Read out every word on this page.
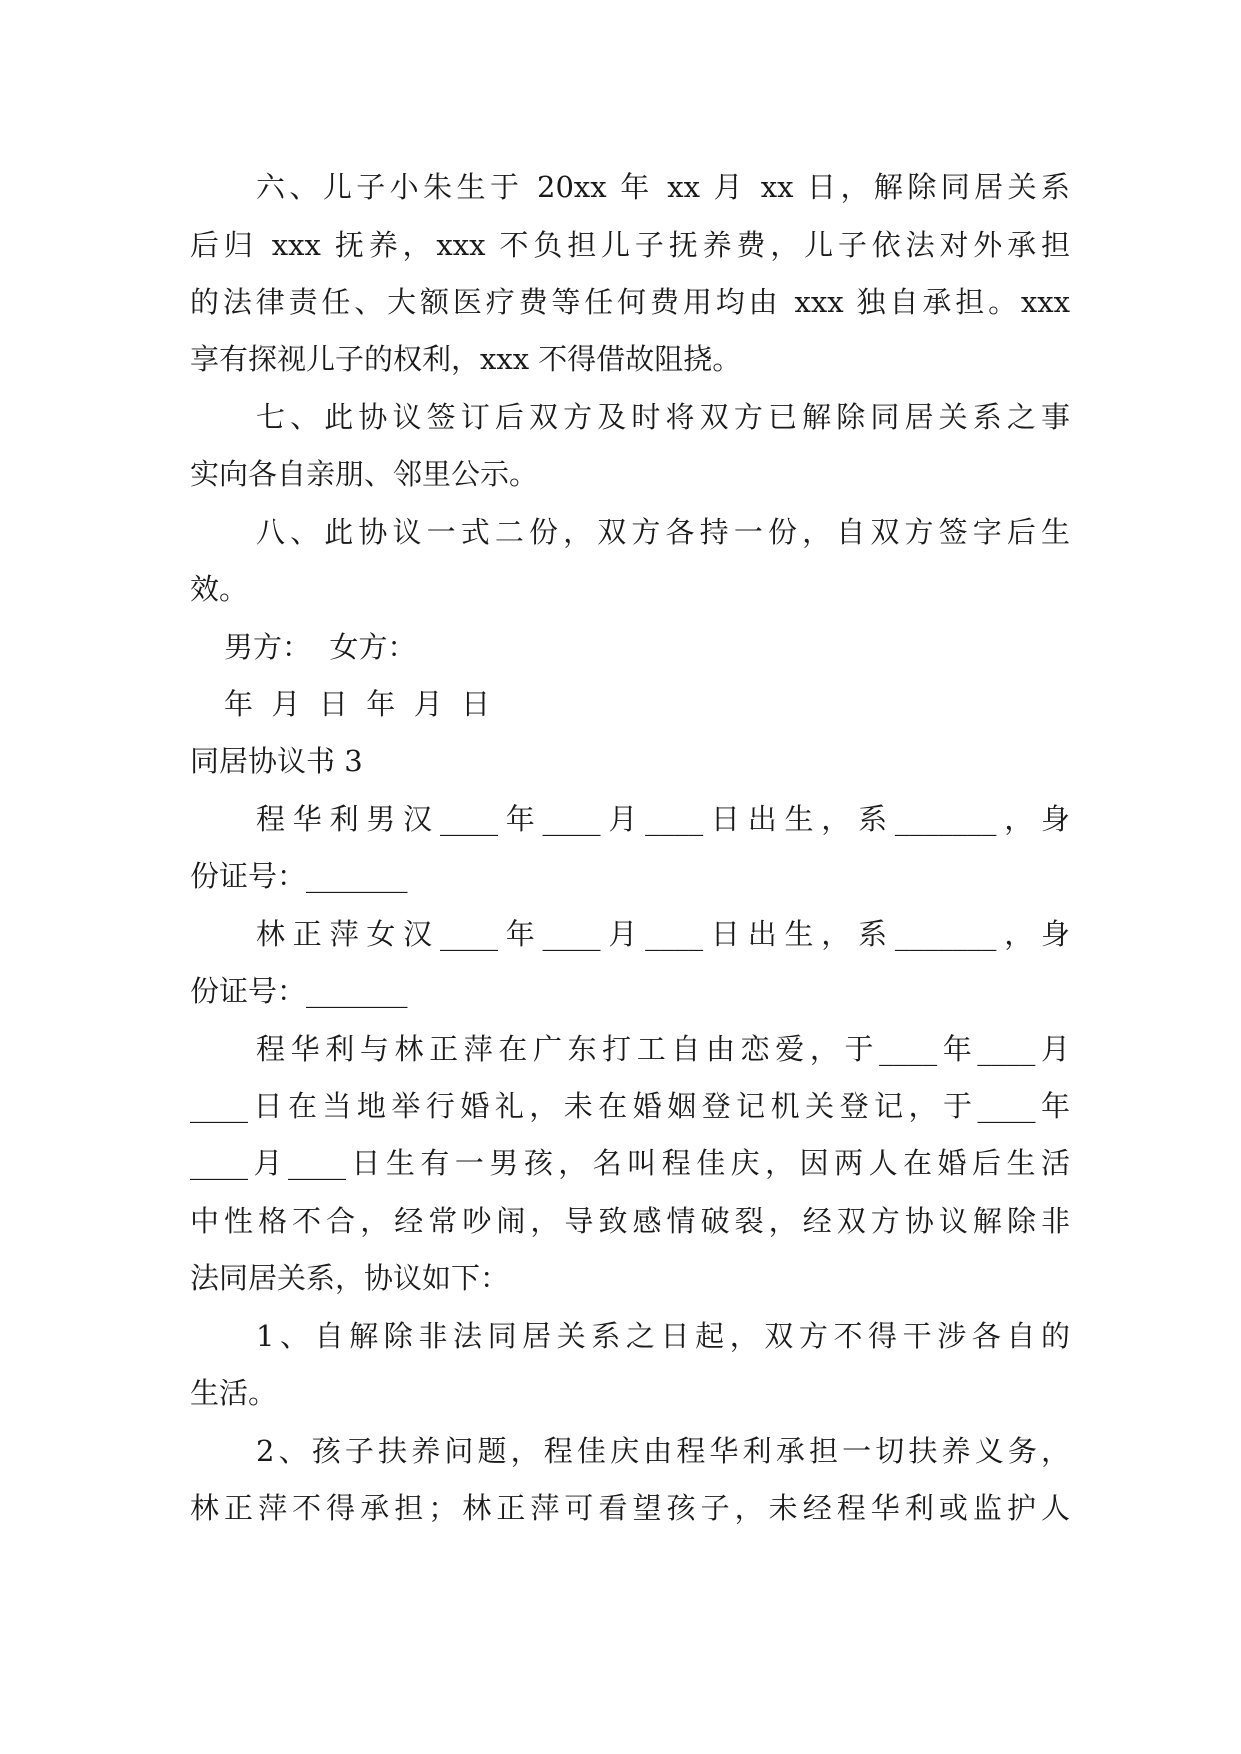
六、儿子小朱生于 20xx 年 xx 月 xx 日，解除同居关系
后归 xxx 抚养，xxx 不负担儿子抚养费，儿子依法对外承担
的法律责任、大额医疗费等任何费用均由 xxx 独自承担。xxx
享有探视儿子的权利，xxx 不得借故阻挠。
七、此协议签订后双方及时将双方已解除同居关系之事
实向各自亲朋、邻里公示。
八、此协议一式二份，双方各持一份，自双方签字后生
效。
男方：  女方：
年  月  日  年  月  日
同居协议书 3
程华利男汉____年____月____日出生，系_______，身
份证号：_______
林正萍女汉____年____月____日出生，系_______，身
份证号：_______
程华利与林正萍在广东打工自由恋爱，于____年____月
____日在当地举行婚礼，未在婚姻登记机关登记，于____年
____月____日生有一男孩，名叫程佳庆，因两人在婚后生活
中性格不合，经常吵闹，导致感情破裂，经双方协议解除非
法同居关系，协议如下：
1、自解除非法同居关系之日起，双方不得干涉各自的
生活。
2、孩子扶养问题，程佳庆由程华利承担一切扶养义务，
林正萍不得承担；林正萍可看望孩子，未经程华利或监护人
